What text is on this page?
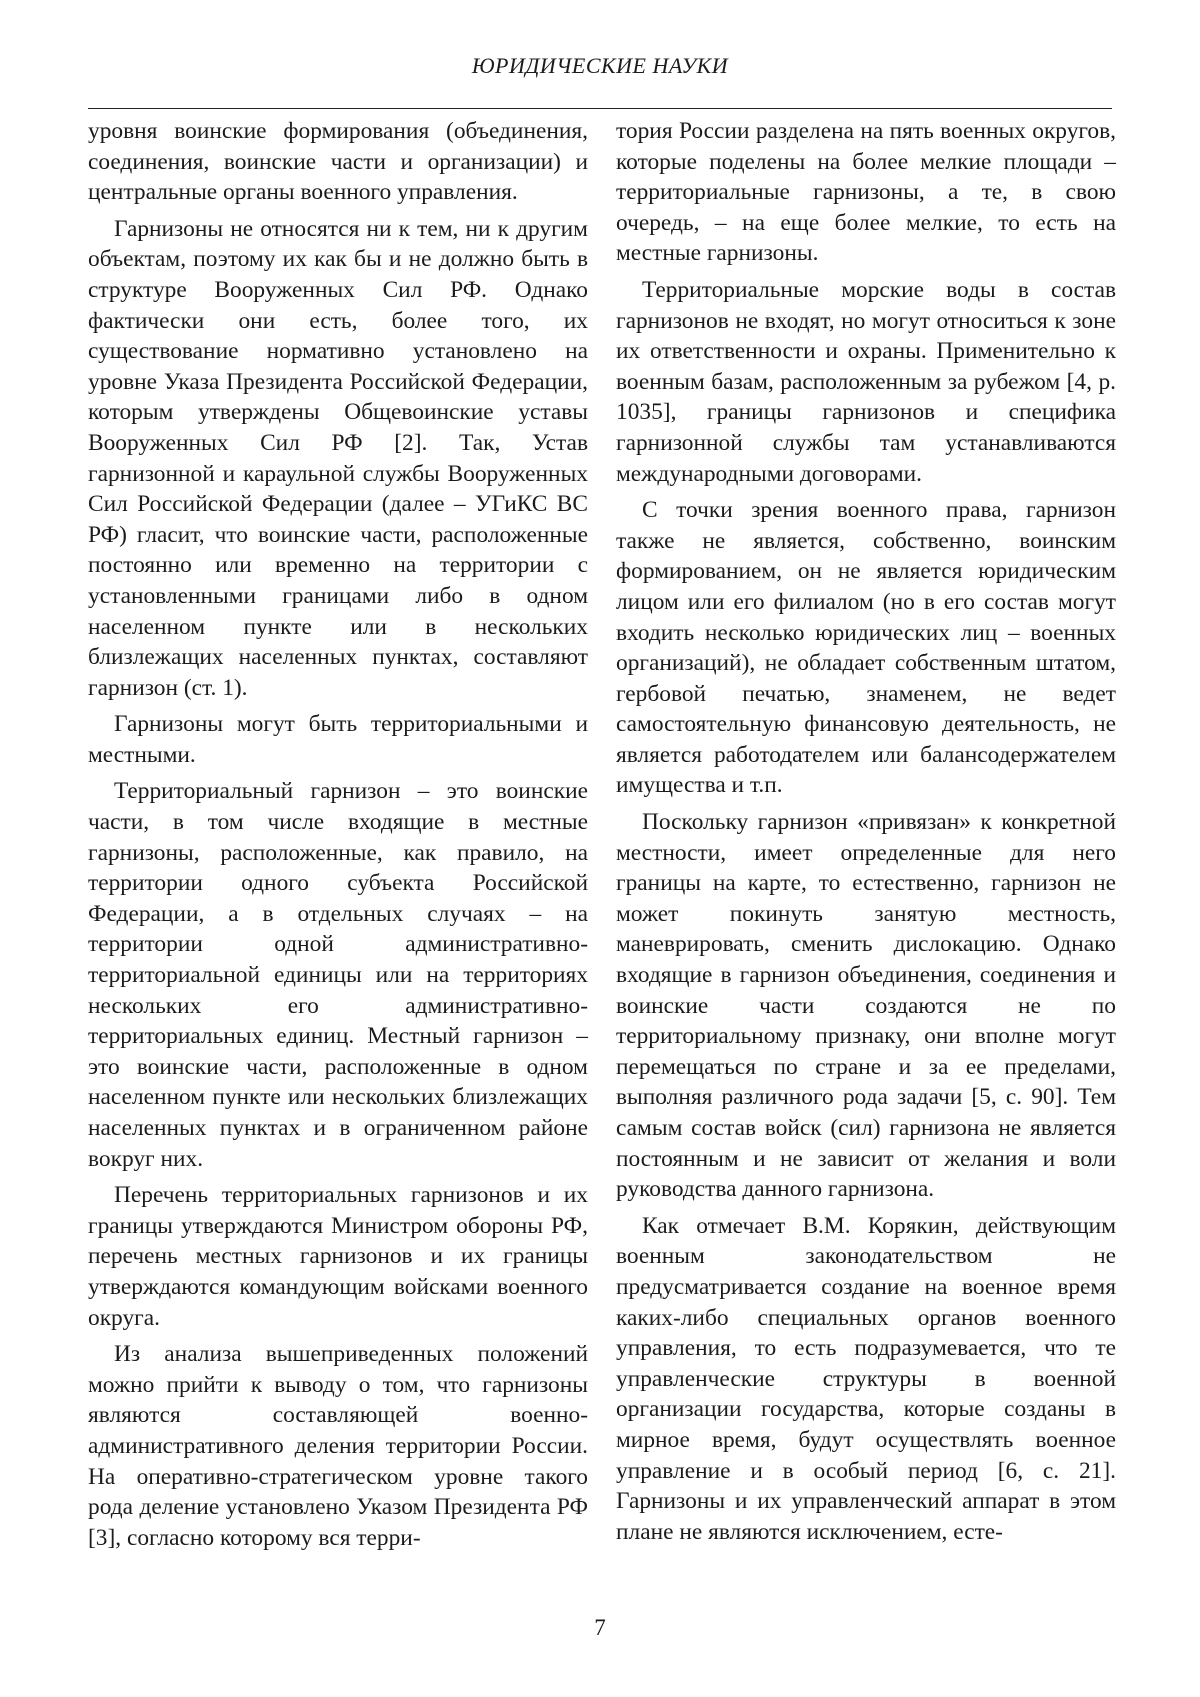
ЮРИДИЧЕСКИЕ НАУКИ

уровня воинские формирования (объединения, соединения, воинские части и организации) и центральные органы военного управления.

Гарнизоны не относятся ни к тем, ни к другим объектам, поэтому их как бы и не должно быть в структуре Вооруженных Сил РФ. Однако фактически они есть, более того, их существование нормативно установлено на уровне Указа Президента Российской Федерации, которым утверждены Общевоинские уставы Вооруженных Сил РФ [2]. Так, Устав гарнизонной и караульной службы Вооруженных Сил Российской Федерации (далее – УГиКС ВС РФ) гласит, что воинские части, расположенные постоянно или временно на территории с установленными границами либо в одном населенном пункте или в нескольких близлежащих населенных пунктах, составляют гарнизон (ст. 1).

Гарнизоны могут быть территориальными и местными.

Территориальный гарнизон – это воинские части, в том числе входящие в местные гарнизоны, расположенные, как правило, на территории одного субъекта Российской Федерации, а в отдельных случаях – на территории одной административно-территориальной единицы или на территориях нескольких его административно-территориальных единиц. Местный гарнизон – это воинские части, расположенные в одном населенном пункте или нескольких близлежащих населенных пунктах и в ограниченном районе вокруг них.

Перечень территориальных гарнизонов и их границы утверждаются Министром обороны РФ, перечень местных гарнизонов и их границы утверждаются командующим войсками военного округа.

Из анализа вышеприведенных положений можно прийти к выводу о том, что гарнизоны являются составляющей военно-административного деления территории России. На оперативно-стратегическом уровне такого рода деление установлено Указом Президента РФ [3], согласно которому вся терри-

тория России разделена на пять военных округов, которые поделены на более мелкие площади – территориальные гарнизоны, а те, в свою очередь, – на еще более мелкие, то есть на местные гарнизоны.

Территориальные морские воды в состав гарнизонов не входят, но могут относиться к зоне их ответственности и охраны. Применительно к военным базам, расположенным за рубежом [4, p. 1035], границы гарнизонов и специфика гарнизонной службы там устанавливаются международными договорами.

С точки зрения военного права, гарнизон также не является, собственно, воинским формированием, он не является юридическим лицом или его филиалом (но в его состав могут входить несколько юридических лиц – военных организаций), не обладает собственным штатом, гербовой печатью, знаменем, не ведет самостоятельную финансовую деятельность, не является работодателем или балансодержателем имущества и т.п.

Поскольку гарнизон «привязан» к конкретной местности, имеет определенные для него границы на карте, то естественно, гарнизон не может покинуть занятую местность, маневрировать, сменить дислокацию. Однако входящие в гарнизон объединения, соединения и воинские части создаются не по территориальному признаку, они вполне могут перемещаться по стране и за ее пределами, выполняя различного рода задачи [5, с. 90]. Тем самым состав войск (сил) гарнизона не является постоянным и не зависит от желания и воли руководства данного гарнизона.

Как отмечает В.М. Корякин, действующим военным законодательством не предусматривается создание на военное время каких-либо специальных органов военного управления, то есть подразумевается, что те управленческие структуры в военной организации государства, которые созданы в мирное время, будут осуществлять военное управление и в особый период [6, с. 21]. Гарнизоны и их управленческий аппарат в этом плане не являются исключением, есте-

7
